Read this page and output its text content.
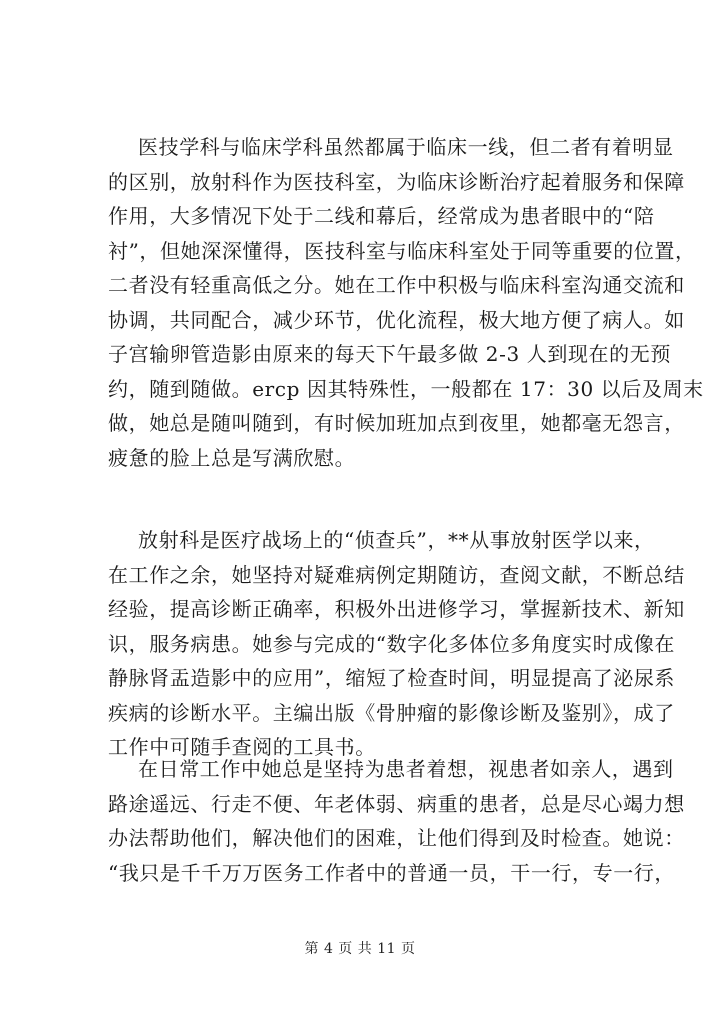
医技学科与临床学科虽然都属于临床一线，但二者有着明显
的区别，放射科作为医技科室，为临床诊断治疗起着服务和保障
作用，大多情况下处于二线和幕后，经常成为患者眼中的“陪
衬”，但她深深懂得，医技科室与临床科室处于同等重要的位置，
二者没有轻重高低之分。她在工作中积极与临床科室沟通交流和
协调，共同配合，减少环节，优化流程，极大地方便了病人。如
子宫输卵管造影由原来的每天下午最多做 2-3 人到现在的无预
约，随到随做。ercp 因其特殊性，一般都在 17：30 以后及周末
做，她总是随叫随到，有时候加班加点到夜里，她都毫无怨言，
疲惫的脸上总是写满欣慰。
放射科是医疗战场上的“侦查兵”，**从事放射医学以来，
在工作之余，她坚持对疑难病例定期随访，查阅文献，不断总结
经验，提高诊断正确率，积极外出进修学习，掌握新技术、新知
识，服务病患。她参与完成的“数字化多体位多角度实时成像在
静脉肾盂造影中的应用”，缩短了检查时间，明显提高了泌尿系
疾病的诊断水平。主编出版《骨肿瘤的影像诊断及鉴别》，成了
工作中可随手查阅的工具书。
在日常工作中她总是坚持为患者着想，视患者如亲人，遇到
路途遥远、行走不便、年老体弱、病重的患者，总是尽心竭力想
办法帮助他们，解决他们的困难，让他们得到及时检查。她说：
“我只是千千万万医务工作者中的普通一员，干一行，专一行，
第 4 页 共 11 页
